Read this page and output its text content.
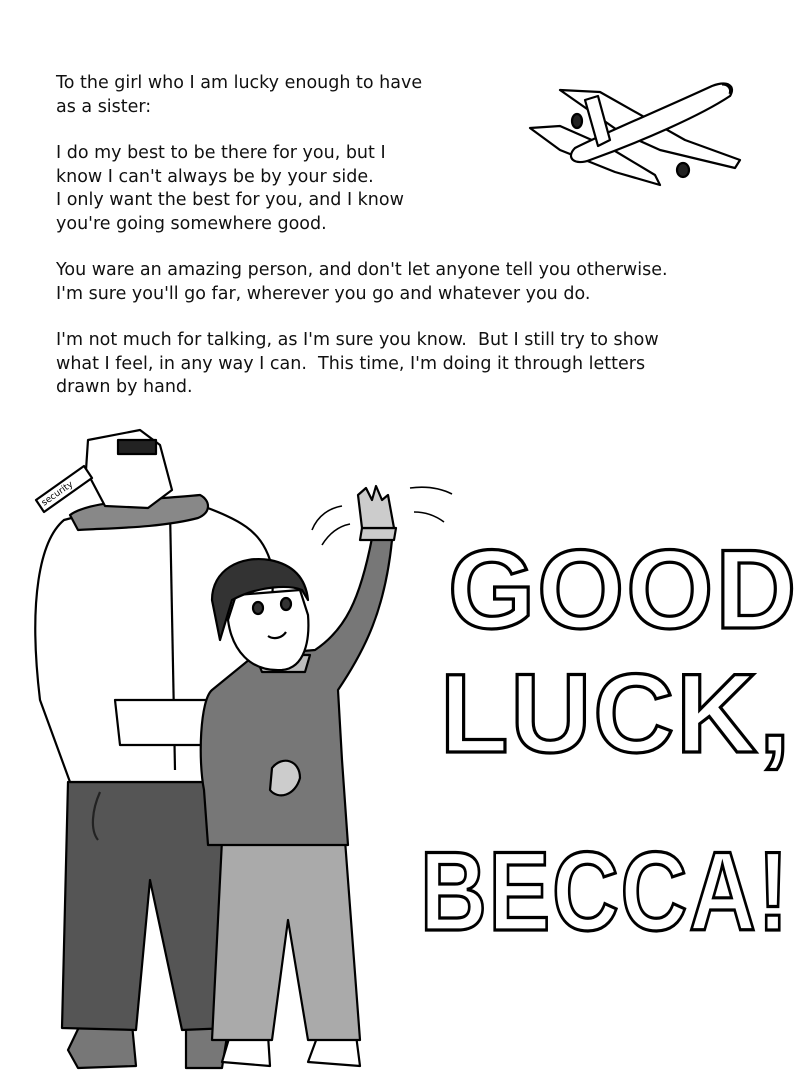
To the girl who I am lucky enough to have
as a sister:

I do my best to be there for you, but I
know I can't always be by your side.
I only want the best for you, and I know
you're going somewhere good.

You ware an amazing person, and don't let anyone tell you otherwise.
I'm sure you'll go far, wherever you go and whatever you do.

I'm not much for talking, as I'm sure you know.  But I still try to show
what I feel, in any way I can.  This time, I'm doing it through letters
drawn by hand.

security
GOOD
LUCK,
BECCA!
